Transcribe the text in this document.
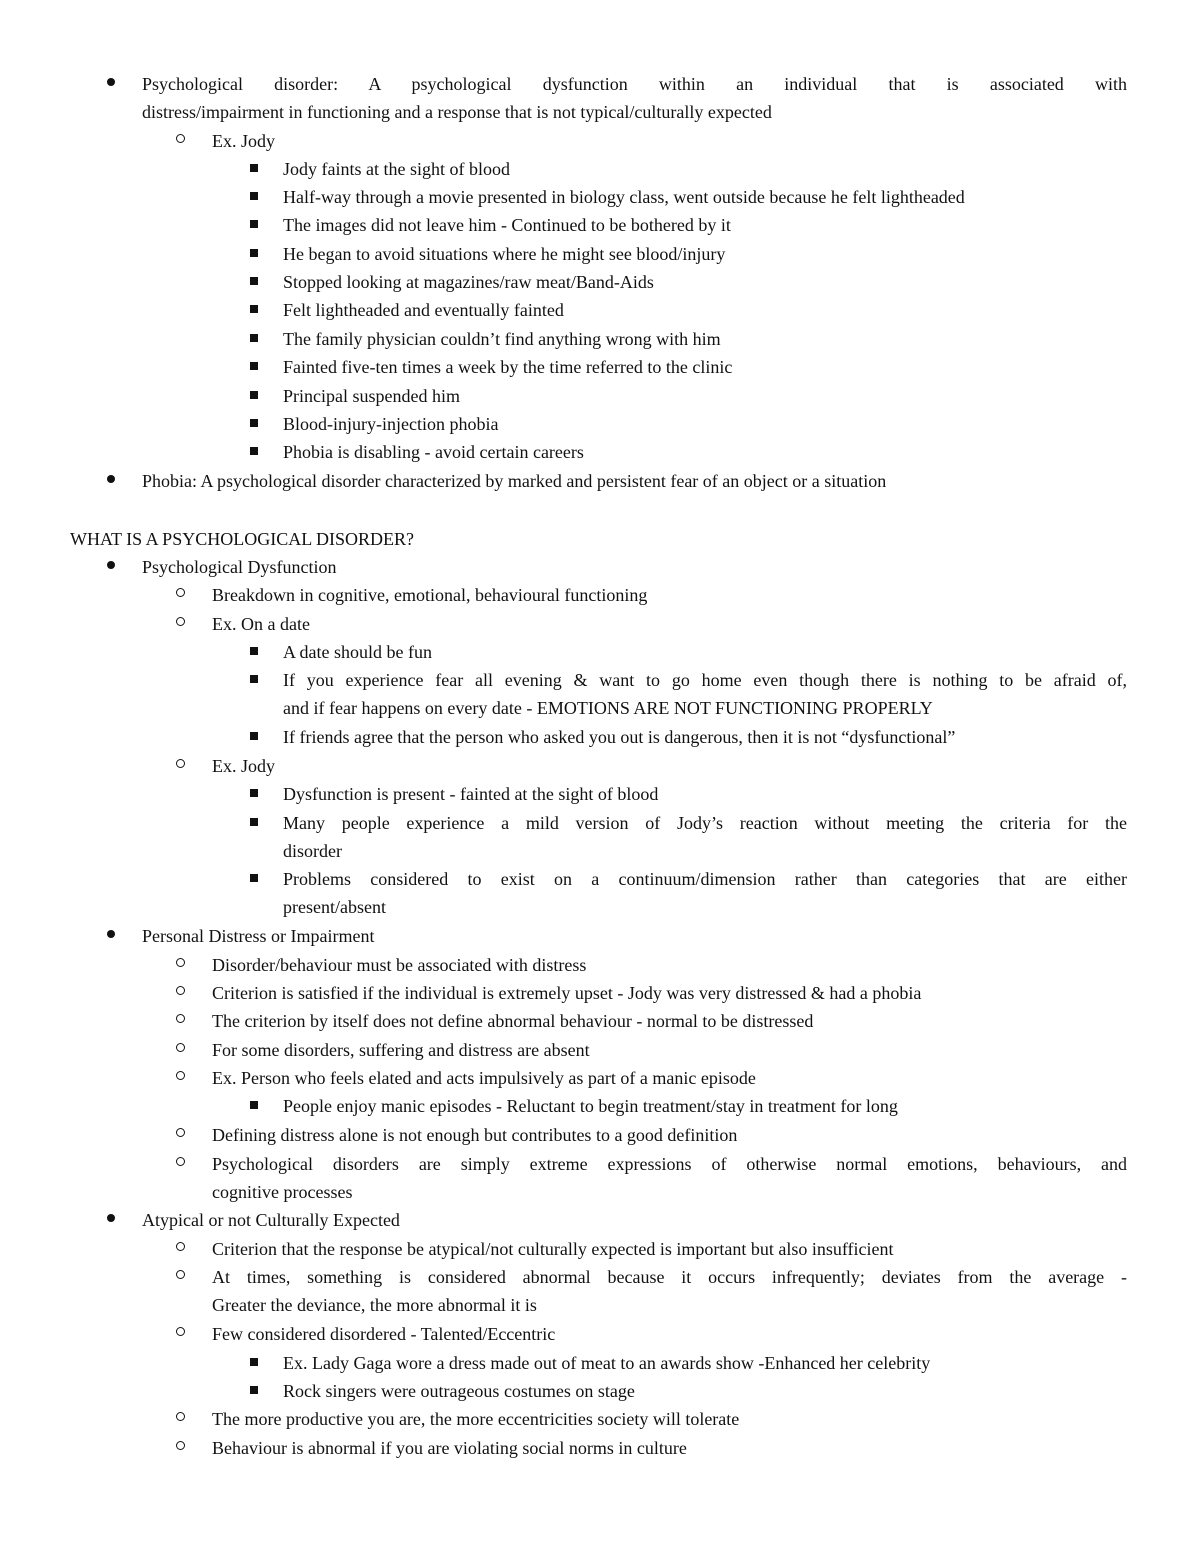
Psychological disorder: A psychological dysfunction within an individual that is associated with
distress/impairment in functioning and a response that is not typical/culturally expected
Ex. Jody
Jody faints at the sight of blood
Half-way through a movie presented in biology class, went outside because he felt lightheaded
The images did not leave him - Continued to be bothered by it
He began to avoid situations where he might see blood/injury
Stopped looking at magazines/raw meat/Band-Aids
Felt lightheaded and eventually fainted
The family physician couldn’t find anything wrong with him
Fainted five-ten times a week by the time referred to the clinic
Principal suspended him
Blood-injury-injection phobia
Phobia is disabling - avoid certain careers
Phobia: A psychological disorder characterized by marked and persistent fear of an object or a situation
WHAT IS A PSYCHOLOGICAL DISORDER?
Psychological Dysfunction
Breakdown in cognitive, emotional, behavioural functioning
Ex. On a date
A date should be fun
If you experience fear all evening & want to go home even though there is nothing to be afraid of,
and if fear happens on every date - EMOTIONS ARE NOT FUNCTIONING PROPERLY
If friends agree that the person who asked you out is dangerous, then it is not “dysfunctional”
Ex. Jody
Dysfunction is present - fainted at the sight of blood
Many people experience a mild version of Jody’s reaction without meeting the criteria for the
disorder
Problems considered to exist on a continuum/dimension rather than categories that are either
present/absent
Personal Distress or Impairment
Disorder/behaviour must be associated with distress
Criterion is satisfied if the individual is extremely upset - Jody was very distressed & had a phobia
The criterion by itself does not define abnormal behaviour - normal to be distressed
For some disorders, suffering and distress are absent
Ex. Person who feels elated and acts impulsively as part of a manic episode
People enjoy manic episodes - Reluctant to begin treatment/stay in treatment for long
Defining distress alone is not enough but contributes to a good definition
Psychological disorders are simply extreme expressions of otherwise normal emotions, behaviours, and
cognitive processes
Atypical or not Culturally Expected
Criterion that the response be atypical/not culturally expected is important but also insufficient
At times, something is considered abnormal because it occurs infrequently; deviates from the average -
Greater the deviance, the more abnormal it is
Few considered disordered - Talented/Eccentric
Ex. Lady Gaga wore a dress made out of meat to an awards show -Enhanced her celebrity
Rock singers were outrageous costumes on stage
The more productive you are, the more eccentricities society will tolerate
Behaviour is abnormal if you are violating social norms in culture
